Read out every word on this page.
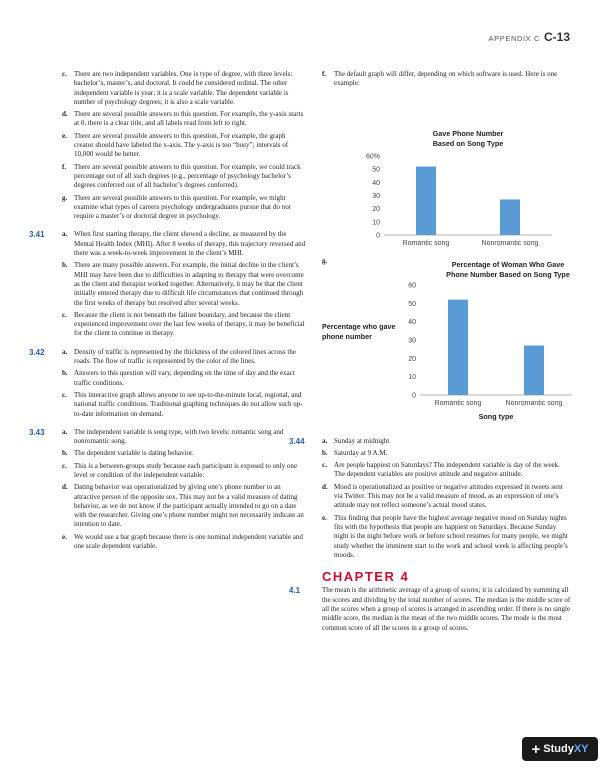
APPENDIX C C-13
c. There are two independent variables. One is type of degree, with three levels: bachelor’s, master’s, and doctoral. It could be considered ordinal. The other independent variable is year; it is a scale variable. The dependent variable is number of psychology degrees; it is also a scale variable.
d. There are several possible answers to this question. For example, the y-axis starts at 0, there is a clear title, and all labels read from left to right.
e. There are several possible answers to this question. For example, the graph creator should have labeled the x-axis. The y-axis is too “busy”; intervals of 10,000 would be better.
f. There are several possible answers to this question. For example, we could track percentage out of all such degrees (e.g., percentage of psychology bachelor’s degrees conferred out of all bachelor’s degrees conferred).
g. There are several possible answers to this question. For example, we might examine what types of careers psychology undergraduates pursue that do not require a master’s or doctoral degree in psychology.
3.41 a. When first starting therapy, the client showed a decline, as measured by the Mental Health Index (MHI). After 8 weeks of therapy, this trajectory reversed and there was a week-to-week improvement in the client’s MHI.
b. There are many possible answers. For example, the initial decline in the client’s MHI may have been due to difficulties in adapting to therapy that were overcome as the client and therapist worked together. Alternatively, it may be that the client initially entered therapy due to difficult life circumstances that continued through the first weeks of therapy but resolved after several weeks.
c. Because the client is not beneath the failure boundary, and because the client experienced improvement over the last few weeks of therapy, it may be beneficial for the client to continue in therapy.
3.42 a. Density of traffic is represented by the thickness of the colored lines across the roads. The flow of traffic is represented by the color of the lines.
b. Answers to this question will vary, depending on the time of day and the exact traffic conditions.
c. This interactive graph allows anyone to see up-to-the-minute local, regional, and national traffic conditions. Traditional graphing techniques do not allow such up-to-date information on demand.
3.43 a. The independent variable is song type, with two levels: romantic song and nonromantic song.
b. The dependent variable is dating behavior.
c. This is a between-groups study because each participant is exposed to only one level or condition of the independent variable.
d. Dating behavior was operationalized by giving one’s phone number to an attractive person of the opposite sex. This may not be a valid measure of dating behavior, as we do not know if the participant actually intended to go on a date with the researcher. Giving one’s phone number might not necessarily indicate an intention to date.
e. We would use a bar graph because there is one nominal independent variable and one scale dependent variable.
f. The default graph will differ, depending on which software is used. Here is one example:
Gave Phone Number
Based on Song Type
0
10
20
30
40
50
60%
Romantic song	Nonromantic song
g.	Percentage of Woman Who Gave
Phone Number Based on Song Type
0
10
20
30
40
50
60
Romantic song	Nonromantic song
Song type
Percentage who gave
phone number
3.44 a. Sunday at midnight
b. Saturday at 9 A.M.
c. Are people happiest on Saturdays? The independent variable is day of the week. The dependent variables are positive attitude and negative attitude.
d. Mood is operationalized as positive or negative attitudes expressed in tweets sent via Twitter. This may not be a valid measure of mood, as an expression of one’s attitude may not reflect someone’s actual mood states.
e. This finding that people have the highest average negative mood on Sunday nights fits with the hypothesis that people are happiest on Saturdays. Because Sunday night is the night before work or before school resumes for many people, we might study whether the imminent start to the work and school week is affecting people’s moods.
CHAPTER 4
4.1	The mean is the arithmetic average of a group of scores; it is calculated by summing all the scores and dividing by the total number of scores. The median is the middle score of all the scores when a group of scores is arranged in ascending order. If there is no single middle score, the median is the mean of the two middle scores. The mode is the most common score of all the scores in a group of scores.
+ StudyXY
